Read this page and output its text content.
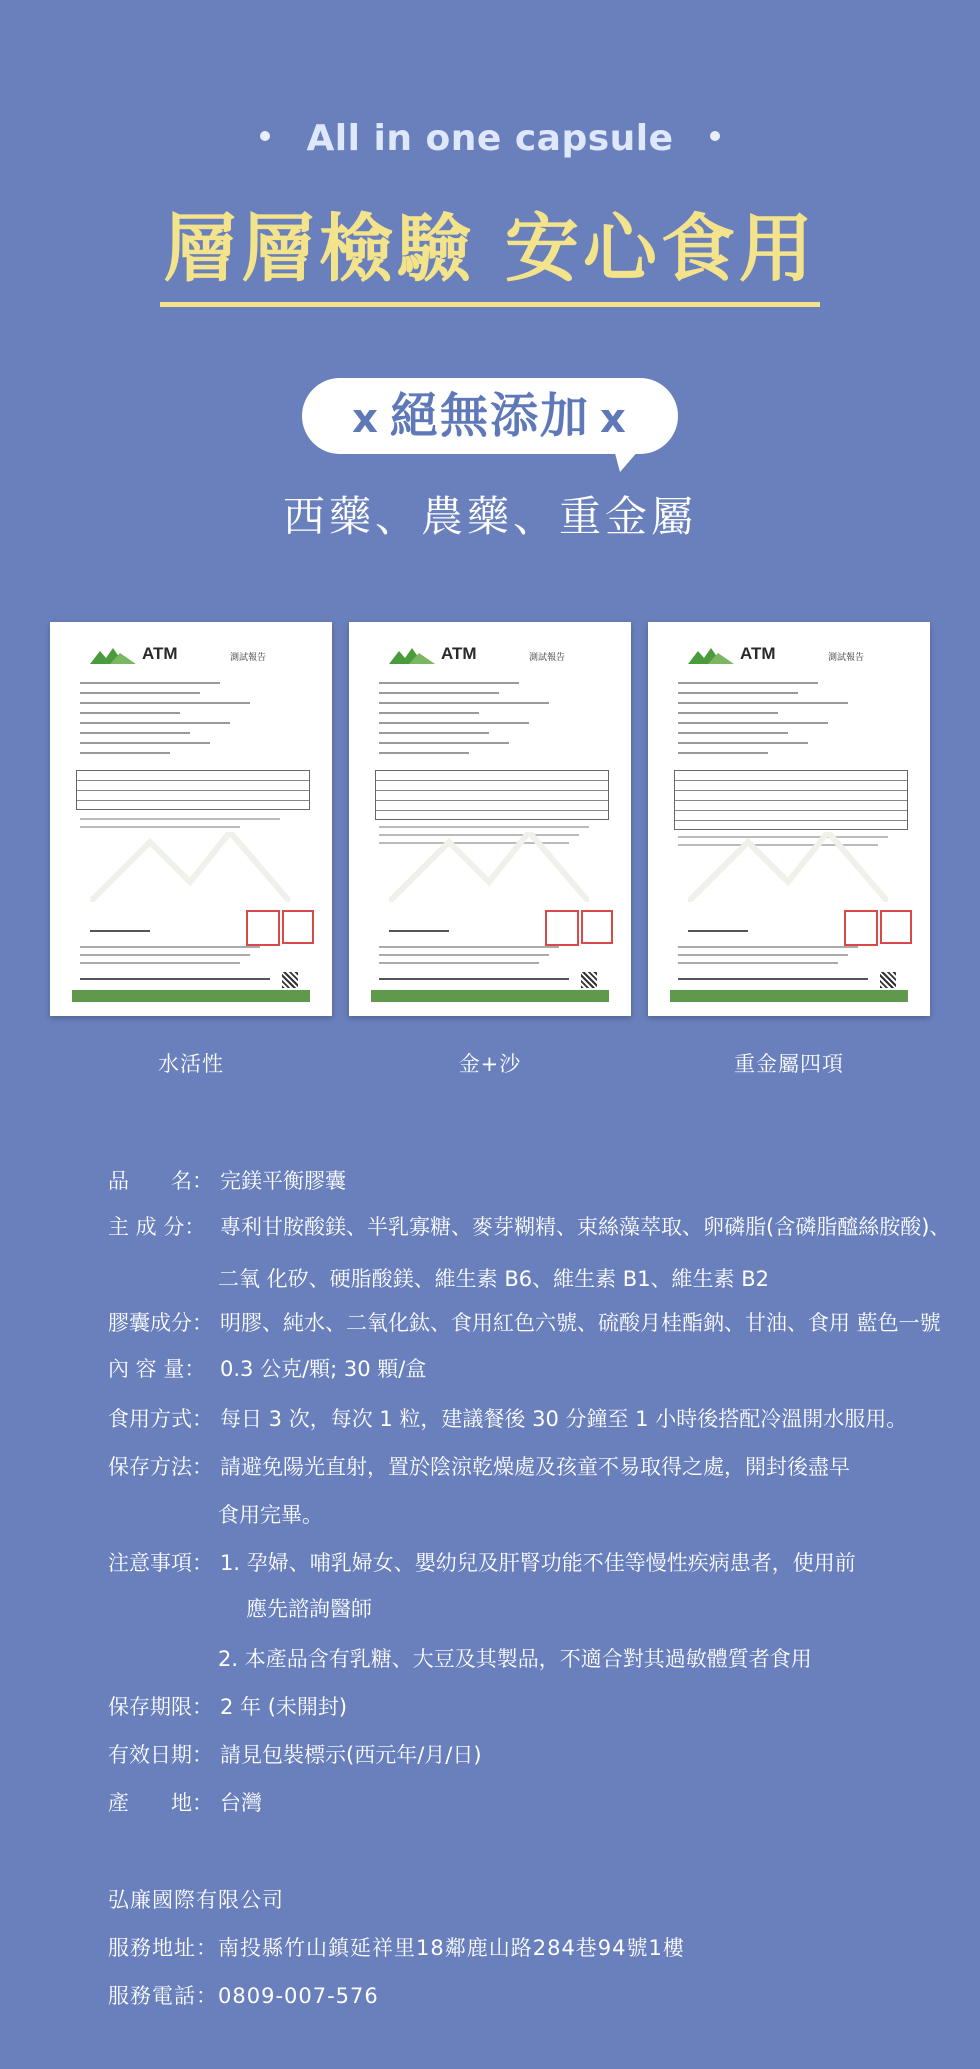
All in one capsule
層層檢驗 安心食用
x 絕無添加 x
西藥、農藥、重金屬
ATM	測試報告	ATM	測試報告	ATM	測試報告
水活性	金+沙	重金屬四項
品　　名： 完鎂平衡膠囊
主 成 分： 專利甘胺酸鎂、半乳寡糖、麥芽糊精、束絲藻萃取、卵磷脂(含磷脂醯絲胺酸)、
二氧 化矽、硬脂酸鎂、維生素 B6、維生素 B1、維生素 B2
膠囊成分： 明膠、純水、二氧化鈦、食用紅色六號、硫酸月桂酯鈉、甘油、食用 藍色一號
內 容 量： 0.3 公克/顆; 30 顆/盒
食用方式： 每日 3 次，每次 1 粒，建議餐後 30 分鐘至 1 小時後搭配冷溫開水服用。
保存方法： 請避免陽光直射，置於陰涼乾燥處及孩童不易取得之處，開封後盡早
食用完畢。
注意事項： 1. 孕婦、哺乳婦女、嬰幼兒及肝腎功能不佳等慢性疾病患者，使用前
應先諮詢醫師
2. 本產品含有乳糖、大豆及其製品，不適合對其過敏體質者食用
保存期限： 2 年 (未開封)
有效日期： 請見包裝標示(西元年/月/日)
產　　地： 台灣
弘廉國際有限公司
服務地址：南投縣竹山鎮延祥里18鄰鹿山路284巷94號1樓
服務電話：0809-007-576
